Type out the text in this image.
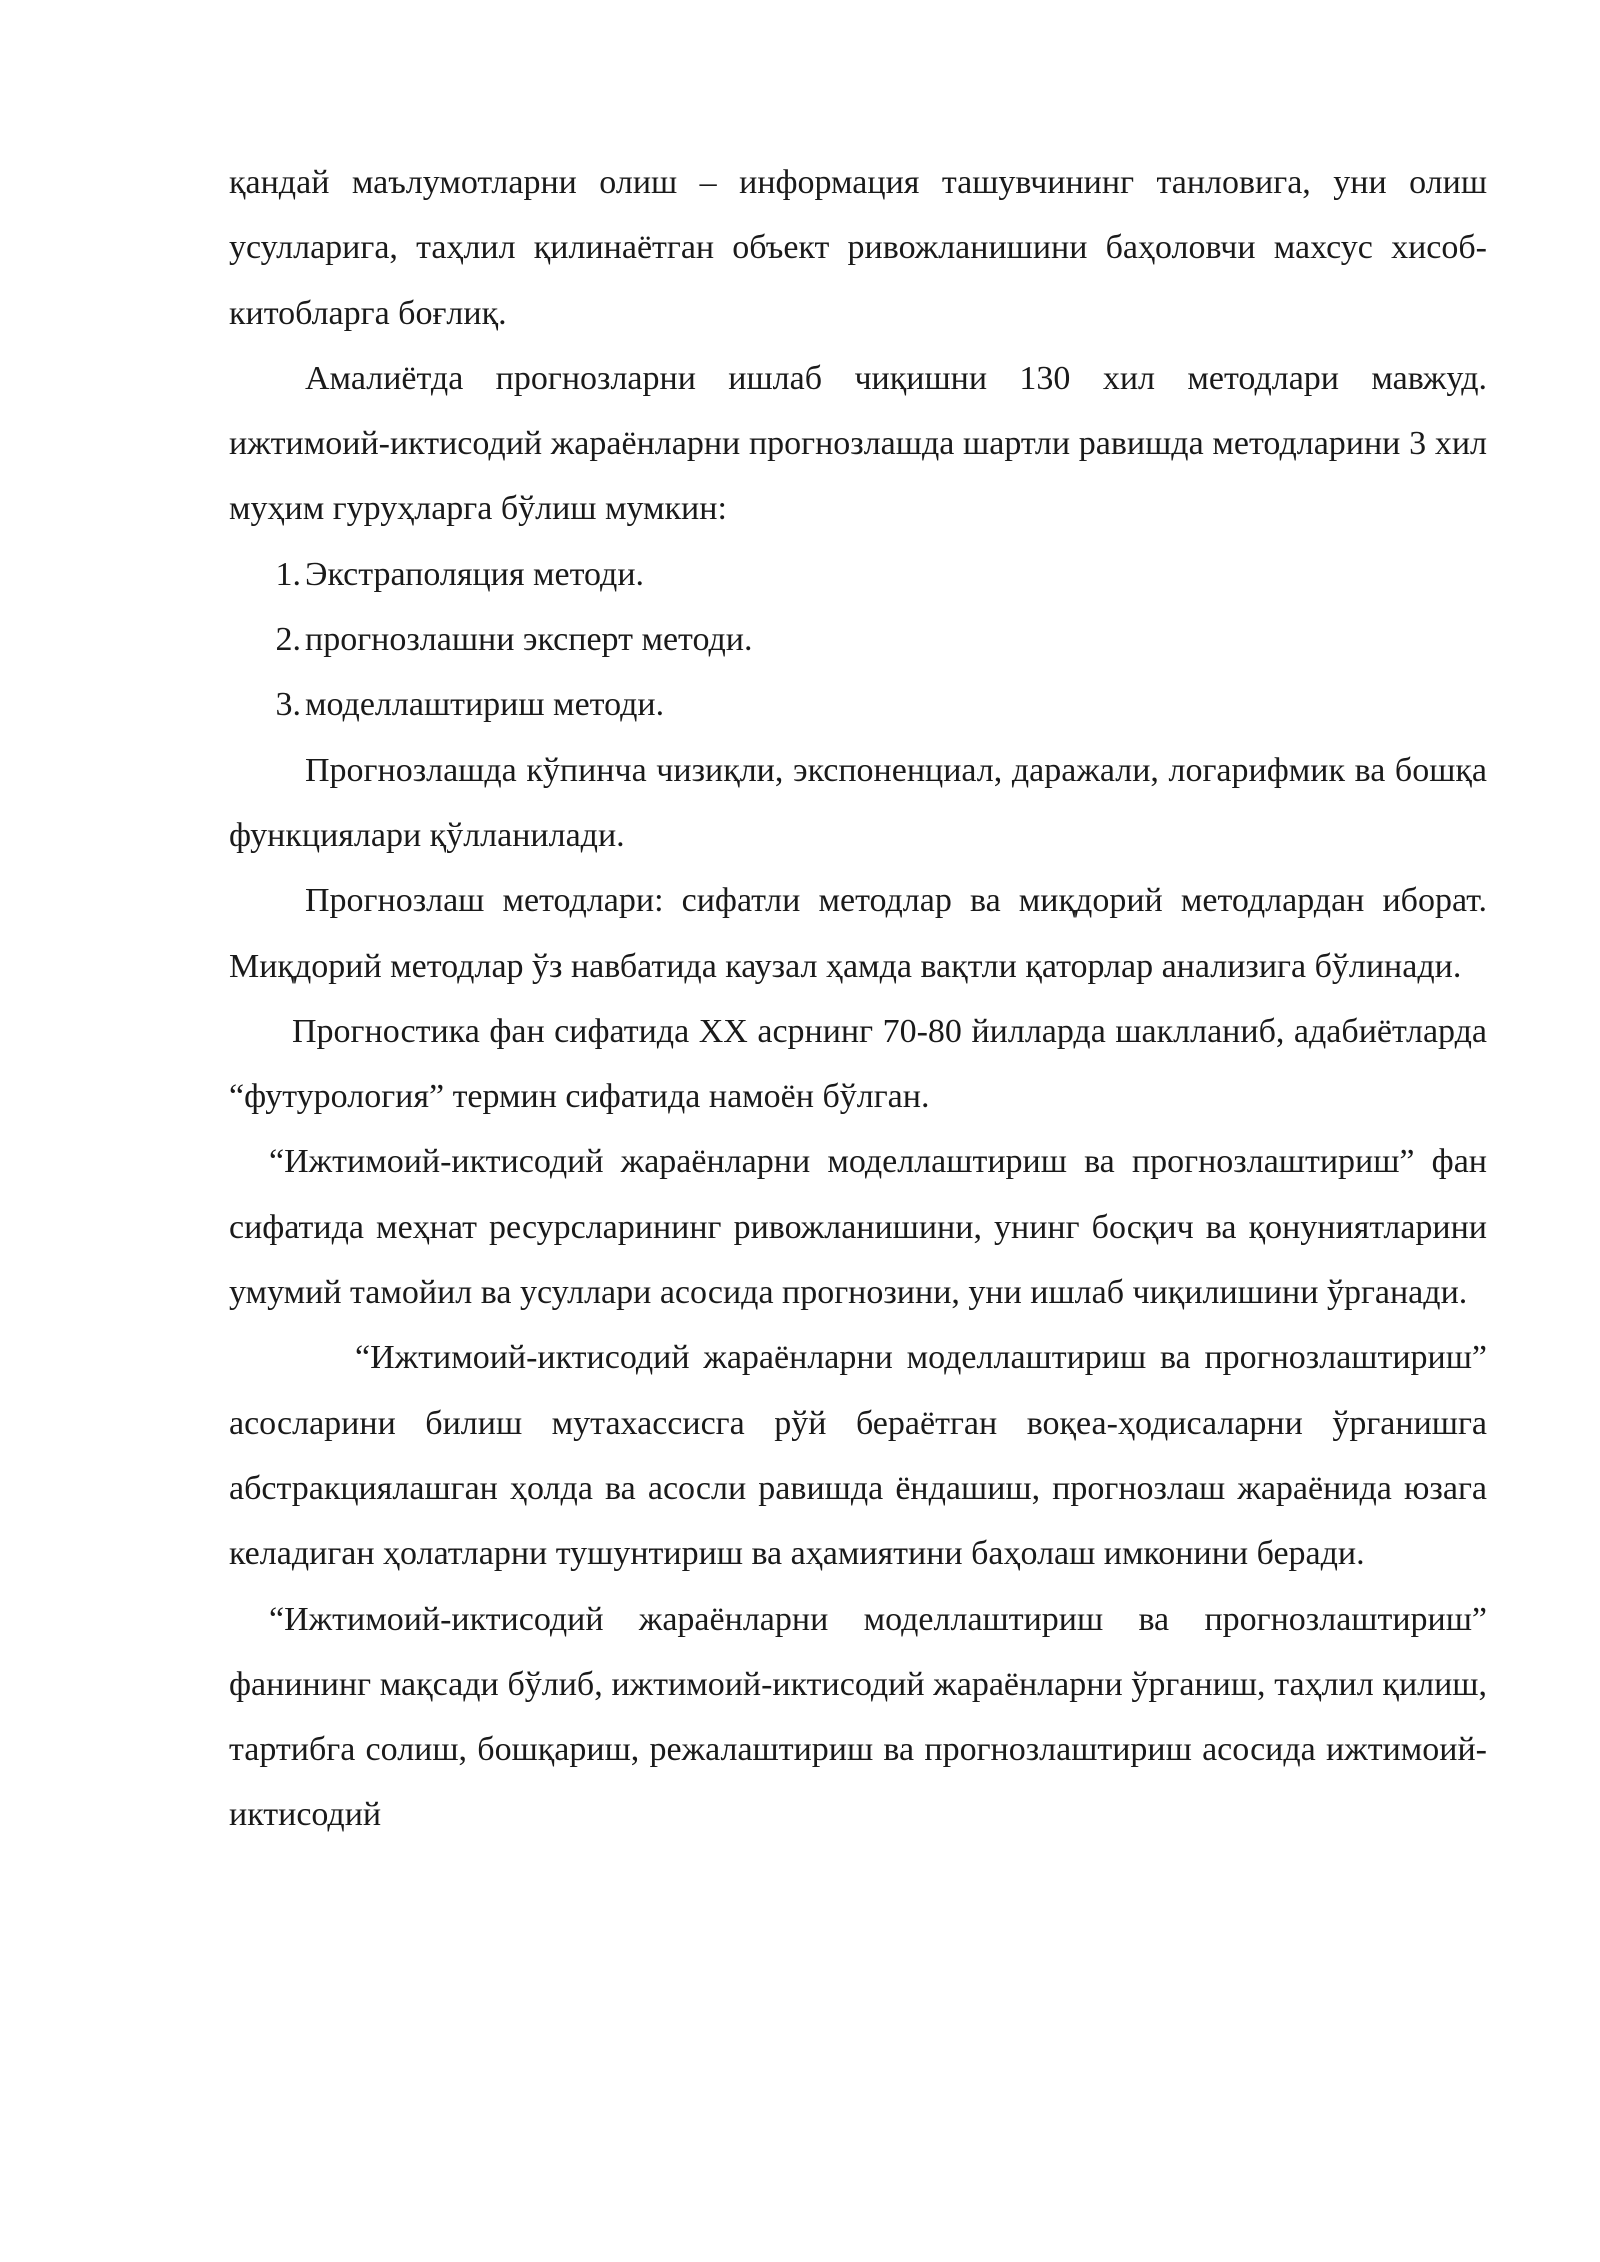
қандай маълумотларни олиш – информация ташувчининг танловига, уни олиш усулларига, таҳлил қилинаётган объект ривожланишини баҳоловчи махсус хисоб-китобларга боғлиқ.

Амалиётда прогнозларни ишлаб чиқишни 130 хил методлари мавжуд. ижтимоий-иктисодий жараёнларни прогнозлашда шартли равишда методларини 3 хил муҳим гуруҳларга бўлиш мумкин:

1. Экстраполяция методи.
2. прогнозлашни эксперт методи.
3. моделлаштириш методи.

Прогнозлашда кўпинча чизиқли, экспоненциал, даражали, логарифмик ва бошқа функциялари қўлланилади.

Прогнозлаш методлари: сифатли методлар ва миқдорий методлардан иборат. Миқдорий методлар ўз навбатида каузал ҳамда вақтли қаторлар анализига бўлинади.

Прогностика фан сифатида XX асрнинг 70-80 йилларда шаклланиб, адабиётларда “футурология” термин сифатида намоён бўлган.

“Ижтимоий-иктисодий жараёнларни моделлаштириш ва прогнозлаштириш” фан сифатида меҳнат ресурсларининг ривожланишини, унинг босқич ва қонуниятларини умумий тамойил ва усуллари асосида прогнозини, уни ишлаб чиқилишини ўрганади.

“Ижтимоий-иктисодий жараёнларни моделлаштириш ва прогнозлаштириш” асосларини билиш мутахассисга рўй бераётган воқеа-ҳодисаларни ўрганишга абстракциялашган ҳолда ва асосли равишда ёндашиш, прогнозлаш жараёнида юзага келадиган ҳолатларни тушунтириш ва аҳамиятини баҳолаш имконини беради.

“Ижтимоий-иктисодий жараёнларни моделлаштириш ва прогнозлаштириш” фанининг мақсади бўлиб, ижтимоий-иктисодий жараёнларни ўрганиш, таҳлил қилиш, тартибга солиш, бошқариш, режалаштириш ва прогнозлаштириш асосида ижтимоий-иктисодий
